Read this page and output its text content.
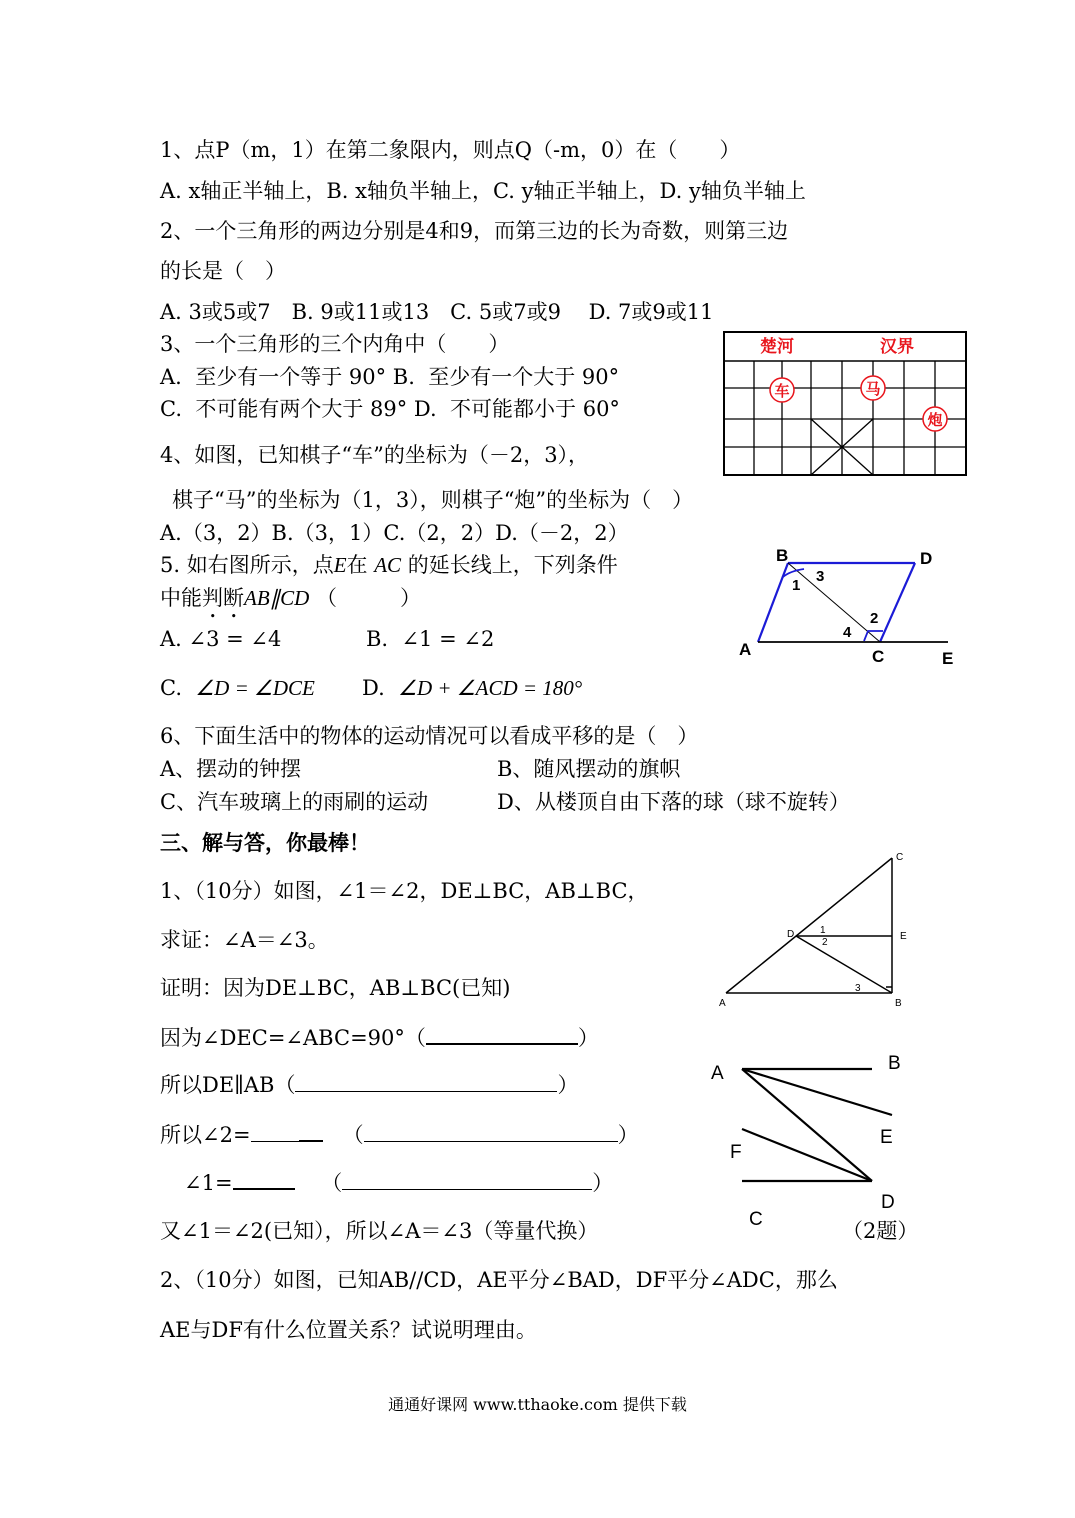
1、点P（m，1）在第二象限内，则点Q（-m，0）在（　　）
A. x轴正半轴上，B. x轴负半轴上，C. y轴正半轴上，D. y轴负半轴上
2、一个三角形的两边分别是4和9，而第三边的长为奇数，则第三边
的长是（　）
A. 3或5或7　B. 9或11或13　C. 5或7或9　 D. 7或9或11
3、一个三角形的三个内角中（　　）
A.  至少有一个等于 90° B.  至少有一个大于 90°
C.  不可能有两个大于 89° D.  不可能都小于 60°
楚河	汉界
车	马
炮
4、如图，已知棋子“车”的坐标为（－2，3），
棋子“马”的坐标为（1，3），则棋子“炮”的坐标为（　）
A.（3，2）B.（3，1）C.（2，2）D.（－2，2）
5. 如右图所示，点E在 AC 的延长线上，下列条件
中能判断AB∥CD （　　　）
A. ∠3 = ∠4	B.  ∠1 = ∠2
C.  ∠D = ∠DCE D.  ∠D + ∠ACD = 180°
B	D
A	C	E
1
3
2
4
6、下面生活中的物体的运动情况可以看成平移的是（　）
A、摆动的钟摆	B、随风摆动的旗帜
C、汽车玻璃上的雨刷的运动	D、从楼顶自由下落的球（球不旋转）
三、解与答，你最棒！
1、（10分）如图，∠1＝∠2，DE⊥BC，AB⊥BC，
求证：∠A＝∠3。
证明：因为DE⊥BC，AB⊥BC(已知)
因为∠DEC=∠ABC=90°（	）
所以DE∥AB（	）
所以∠2=	（	）
∠1=	（	）
又∠1＝∠2(已知），所以∠A＝∠3（等量代换）
C
D	E
A	B
1
2
3
A	B
E
F
D
C	（2题）
2、（10分）如图，已知AB//CD，AE平分∠BAD，DF平分∠ADC，那么
AE与DF有什么位置关系？试说明理由。
通通好课网 www.tthaoke.com 提供下载
